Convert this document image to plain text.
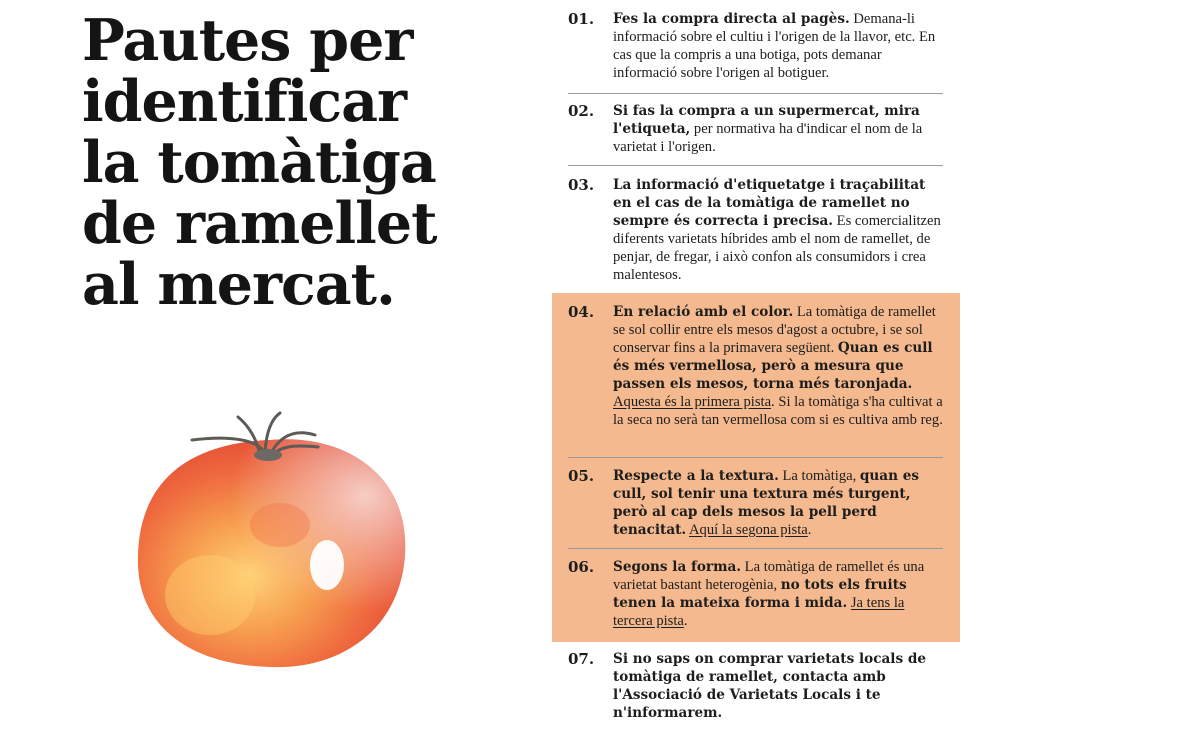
Pautes per
identificar
la tomàtiga
de ramellet
al mercat.
01. Fes la compra directa al pagès. Demana-li informació sobre el cultiu i l'origen de la llavor, etc. En cas que la compris a una botiga, pots demanar informació sobre l'origen al botiguer.
02. Si fas la compra a un supermercat, mira l'etiqueta, per normativa ha d'indicar el nom de la varietat i l'origen.
03. La informació d'etiquetatge i traçabilitat en el cas de la tomàtiga de ramellet no sempre és correcta i precisa. Es comercialitzen diferents varietats híbrides amb el nom de ramellet, de penjar, de fregar, i això confon als consumidors i crea malentesos.
04. En relació amb el color. La tomàtiga de ramellet se sol collir entre els mesos d'agost a octubre, i se sol conservar fins a la primavera següent. Quan es cull és més vermellosa, però a mesura que passen els mesos, torna més taronjada. Aquesta és la primera pista. Si la tomàtiga s'ha cultivat a la seca no serà tan vermellosa com si es cultiva amb reg.
05. Respecte a la textura. La tomàtiga, quan es cull, sol tenir una textura més turgent, però al cap dels mesos la pell perd tenacitat. Aquí la segona pista.
06. Segons la forma. La tomàtiga de ramellet és una varietat bastant heterogènia, no tots els fruits tenen la mateixa forma i mida. Ja tens la tercera pista.
07. Si no saps on comprar varietats locals de tomàtiga de ramellet, contacta amb l'Associació de Varietats Locals i te n'informarem.
